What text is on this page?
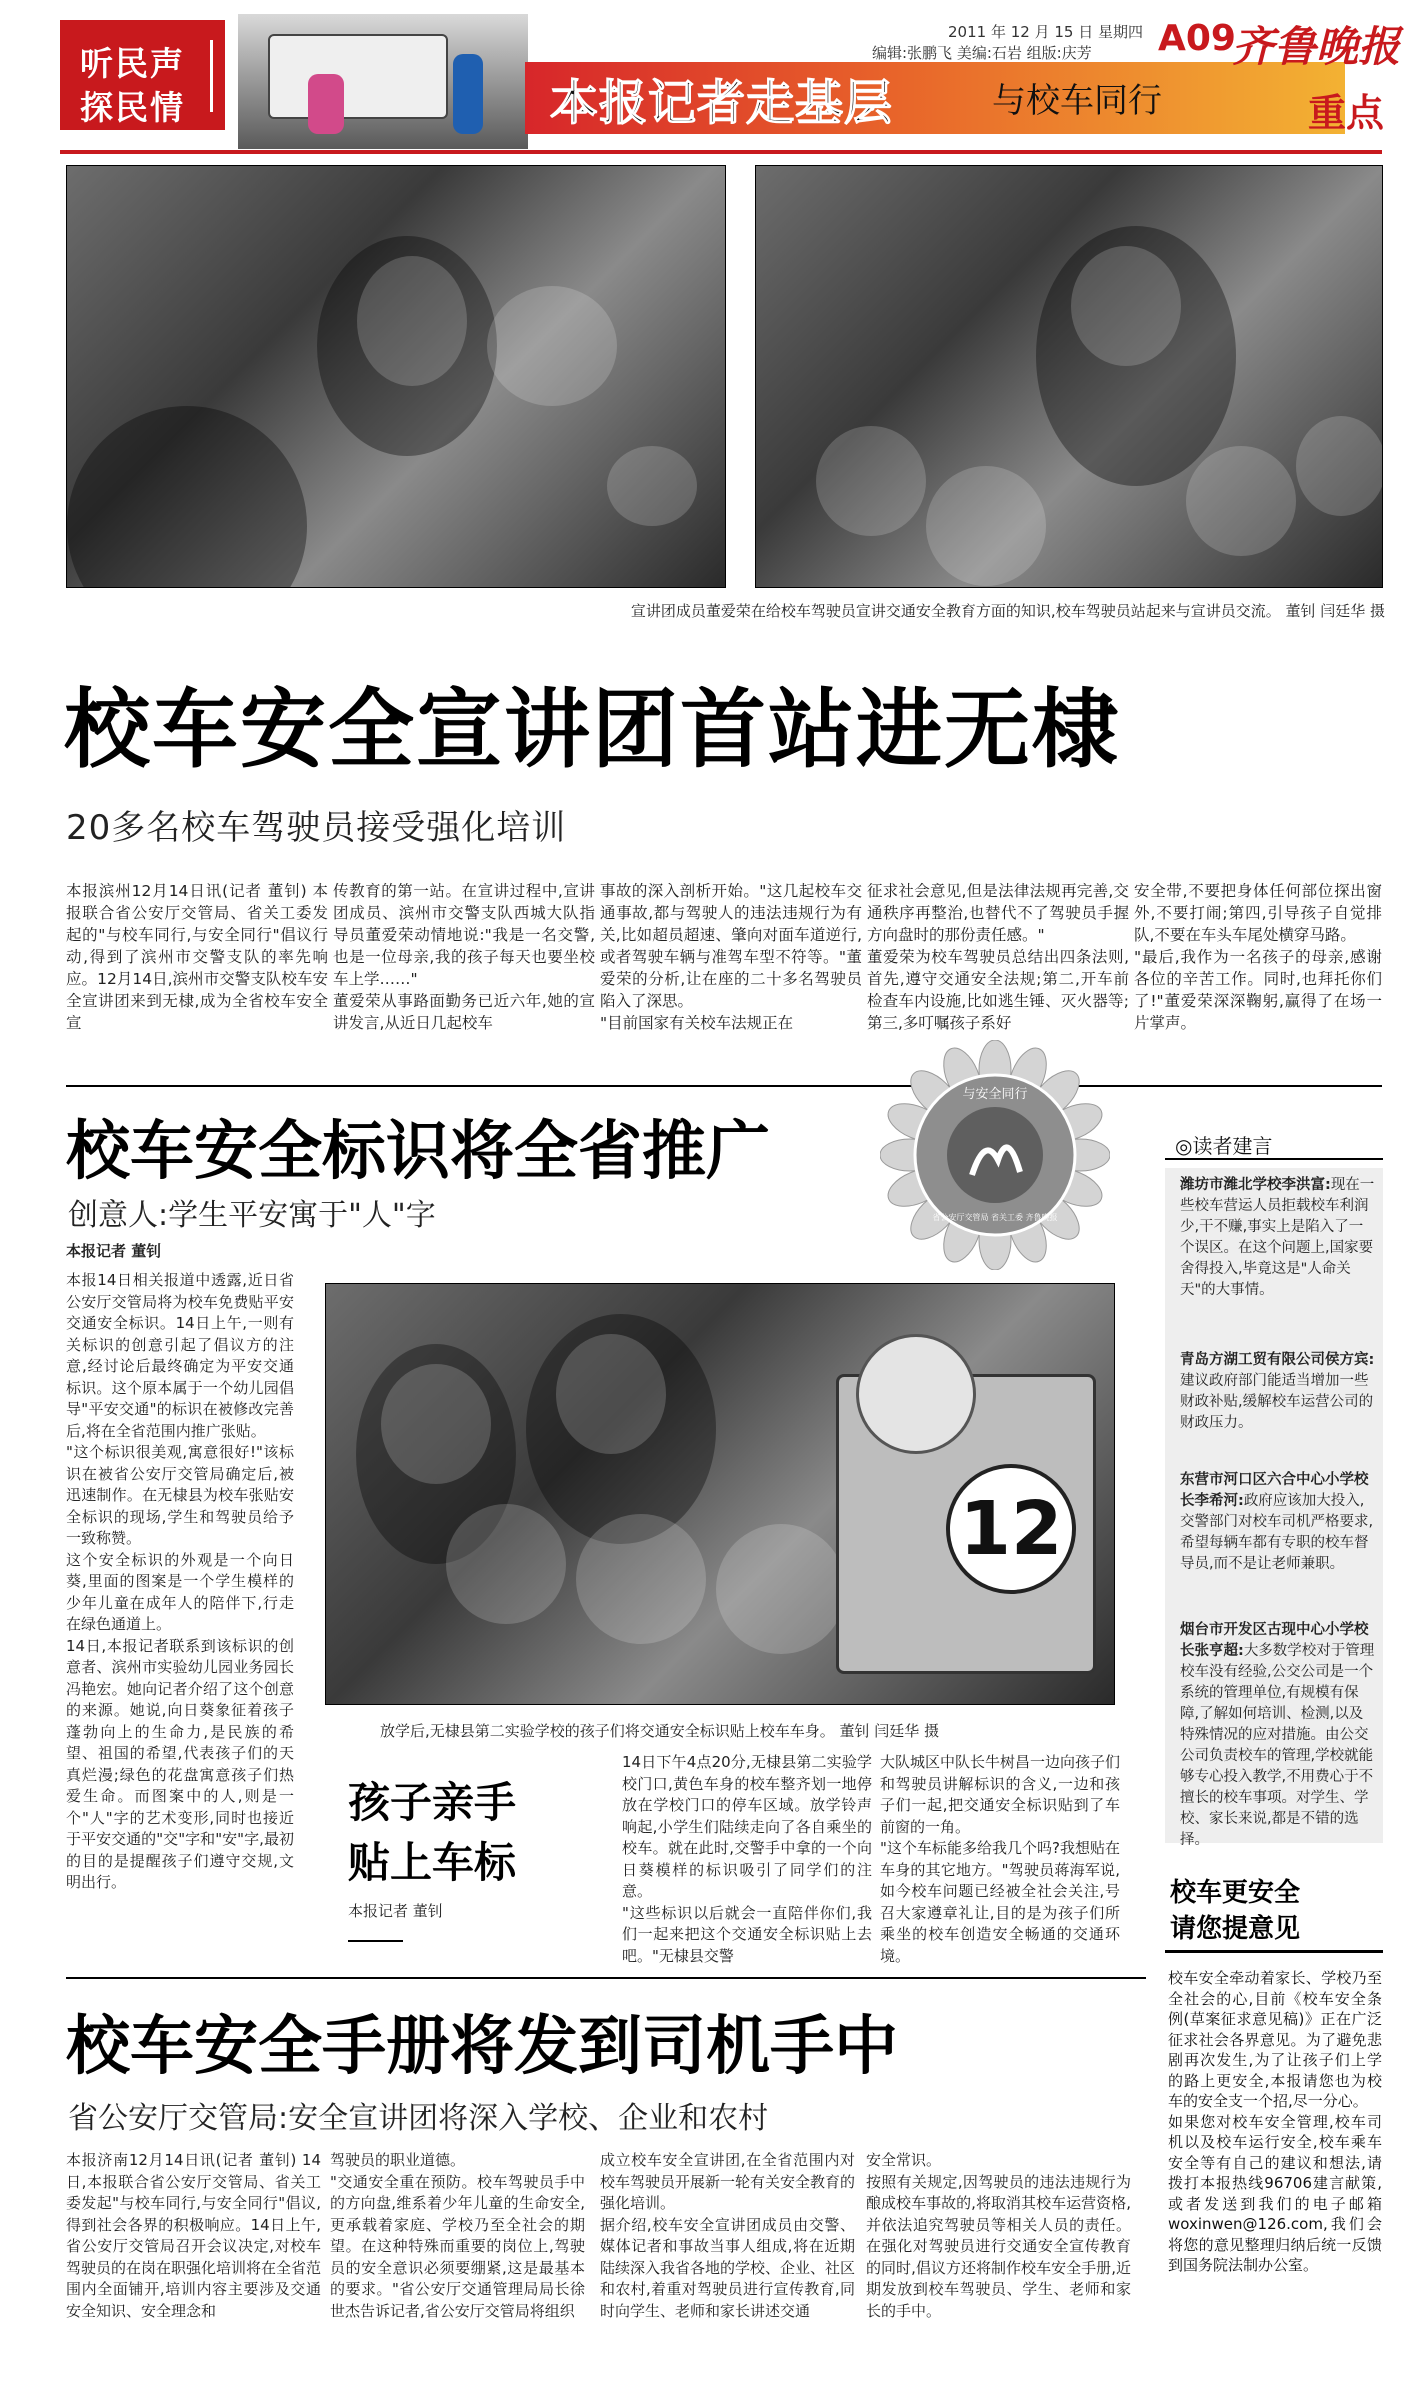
听民声
探民情	本报记者走基层	与校车同行
2011 年 12 月 15 日 星期四
编辑:张鹏飞 美编:石岩 组版:庆芳 A09
齐鲁晚报
重点
宣讲团成员董爱荣在给校车驾驶员宣讲交通安全教育方面的知识,校车驾驶员站起来与宣讲员交流。 董钊 闫廷华 摄
校车安全宣讲团首站进无棣
20多名校车驾驶员接受强化培训
本报滨州12月14日讯(记者 董钊) 本报联合省公安厅交管局、省关工委发起的"与校车同行,与安全同行"倡议行动,得到了滨州市交警支队的率先响应。12月14日,滨州市交警支队校车安全宣讲团来到无棣,成为全省校车安全宣
传教育的第一站。在宣讲过程中,宣讲团成员、滨州市交警支队西城大队指导员董爱荣动情地说:"我是一名交警,也是一位母亲,我的孩子每天也要坐校车上学……"
董爱荣从事路面勤务已近六年,她的宣讲发言,从近日几起校车
事故的深入剖析开始。"这几起校车交通事故,都与驾驶人的违法违规行为有关,比如超员超速、肇向对面车道逆行,或者驾驶车辆与准驾车型不符等。"董爱荣的分析,让在座的二十多名驾驶员陷入了深思。
"目前国家有关校车法规正在
征求社会意见,但是法律法规再完善,交通秩序再整治,也替代不了驾驶员手握方向盘时的那份责任感。"
董爱荣为校车驾驶员总结出四条法则,首先,遵守交通安全法规;第二,开车前检查车内设施,比如逃生锤、灭火器等;第三,多叮嘱孩子系好
安全带,不要把身体任何部位探出窗外,不要打闹;第四,引导孩子自觉排队,不要在车头车尾处横穿马路。
"最后,我作为一名孩子的母亲,感谢各位的辛苦工作。同时,也拜托你们了!"董爱荣深深鞠躬,赢得了在场一片掌声。
校车安全标识将全省推广
创意人:学生平安寓于"人"字
本报记者 董钊
与安全同行
省公安厅交管局 省关工委 齐鲁晚报
本报14日相关报道中透露,近日省公安厅交管局将为校车免费贴平安交通安全标识。14日上午,一则有关标识的创意引起了倡议方的注意,经讨论后最终确定为平安交通标识。这个原本属于一个幼儿园倡导"平安交通"的标识在被修改完善后,将在全省范围内推广张贴。
"这个标识很美观,寓意很好!"该标识在被省公安厅交管局确定后,被迅速制作。在无棣县为校车张贴安全标识的现场,学生和驾驶员给予一致称赞。
这个安全标识的外观是一个向日葵,里面的图案是一个学生模样的少年儿童在成年人的陪伴下,行走在绿色通道上。
14日,本报记者联系到该标识的创意者、滨州市实验幼儿园业务园长冯艳宏。她向记者介绍了这个创意的来源。她说,向日葵象征着孩子蓬勃向上的生命力,是民族的希望、祖国的希望,代表孩子们的天真烂漫;绿色的花盘寓意孩子们热爱生命。而图案中的人,则是一个"人"字的艺术变形,同时也接近于平安交通的"交"字和"安"字,最初的目的是提醒孩子们遵守交规,文明出行。
12
放学后,无棣县第二实验学校的孩子们将交通安全标识贴上校车车身。 董钊 闫廷华 摄
◎读者建言
潍坊市潍北学校李洪富:现在一些校车营运人员拒载校车利润少,干不赚,事实上是陷入了一个误区。在这个问题上,国家要舍得投入,毕竟这是"人命关天"的大事情。
青岛方湖工贸有限公司侯方宾:建议政府部门能适当增加一些财政补贴,缓解校车运营公司的财政压力。
东营市河口区六合中心小学校长李希河:政府应该加大投入,交警部门对校车司机严格要求,希望每辆车都有专职的校车督导员,而不是让老师兼职。
烟台市开发区古现中心小学校长张亨超:大多数学校对于管理校车没有经验,公交公司是一个系统的管理单位,有规模有保障,了解如何培训、检测,以及特殊情况的应对措施。由公交公司负责校车的管理,学校就能够专心投入教学,不用费心于不擅长的校车事项。对学生、学校、家长来说,都是不错的选择。
孩子亲手
贴上车标
本报记者 董钊
14日下午4点20分,无棣县第二实验学校门口,黄色车身的校车整齐划一地停放在学校门口的停车区域。放学铃声响起,小学生们陆续走向了各自乘坐的校车。就在此时,交警手中拿的一个向日葵模样的标识吸引了同学们的注意。
"这些标识以后就会一直陪伴你们,我们一起来把这个交通安全标识贴上去吧。"无棣县交警
大队城区中队长牛树昌一边向孩子们和驾驶员讲解标识的含义,一边和孩子们一起,把交通安全标识贴到了车前窗的一角。
"这个车标能多给我几个吗?我想贴在车身的其它地方。"驾驶员蒋海军说,如今校车问题已经被全社会关注,号召大家遵章礼让,目的是为孩子们所乘坐的校车创造安全畅通的交通环境。
校车更安全
请您提意见
校车安全牵动着家长、学校乃至全社会的心,目前《校车安全条例(草案征求意见稿)》正在广泛征求社会各界意见。为了避免悲剧再次发生,为了让孩子们上学的路上更安全,本报请您也为校车的安全支一个招,尽一分心。
如果您对校车安全管理,校车司机以及校车运行安全,校车乘车安全等有自己的建议和想法,请拨打本报热线96706建言献策,或者发送到我们的电子邮箱woxinwen@126.com,我们会将您的意见整理归纳后统一反馈到国务院法制办公室。
校车安全手册将发到司机手中
省公安厅交管局:安全宣讲团将深入学校、企业和农村
本报济南12月14日讯(记者 董钊) 14日,本报联合省公安厅交管局、省关工委发起"与校车同行,与安全同行"倡议,得到社会各界的积极响应。14日上午,省公安厅交管局召开会议决定,对校车驾驶员的在岗在职强化培训将在全省范围内全面铺开,培训内容主要涉及交通安全知识、安全理念和
驾驶员的职业道德。
"交通安全重在预防。校车驾驶员手中的方向盘,维系着少年儿童的生命安全,更承载着家庭、学校乃至全社会的期望。在这种特殊而重要的岗位上,驾驶员的安全意识必须要绷紧,这是最基本的要求。"省公安厅交通管理局局长徐世杰告诉记者,省公安厅交管局将组织
成立校车安全宣讲团,在全省范围内对校车驾驶员开展新一轮有关安全教育的强化培训。
据介绍,校车安全宣讲团成员由交警、媒体记者和事故当事人组成,将在近期陆续深入我省各地的学校、企业、社区和农村,着重对驾驶员进行宣传教育,同时向学生、老师和家长讲述交通
安全常识。
按照有关规定,因驾驶员的违法违规行为酿成校车事故的,将取消其校车运营资格,并依法追究驾驶员等相关人员的责任。在强化对驾驶员进行交通安全宣传教育的同时,倡议方还将制作校车安全手册,近期发放到校车驾驶员、学生、老师和家长的手中。
